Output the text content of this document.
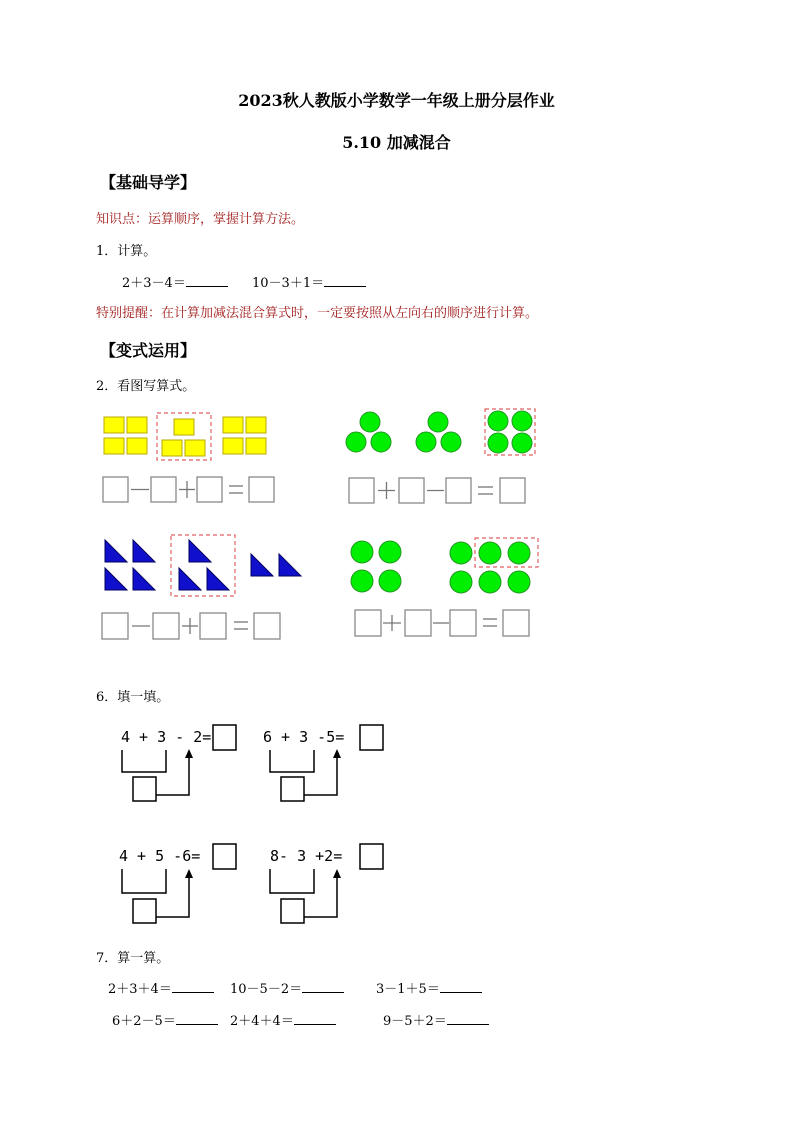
2023秋人教版小学数学一年级上册分层作业
5.10 加减混合
【基础导学】
知识点：运算顺序，掌握计算方法。
1．计算。
2＋3－4＝	10－3＋1＝
特别提醒：在计算加减法混合算式时，一定要按照从左向右的顺序进行计算。
【变式运用】
2．看图写算式。
6．填一填。
4 + 3 - 2=	6 + 3 -5=
4 + 5 -6=	8- 3 +2=
7．算一算。
2＋3＋4＝	10－5－2＝	3－1＋5＝
6＋2－5＝	2＋4＋4＝	9－5＋2＝
